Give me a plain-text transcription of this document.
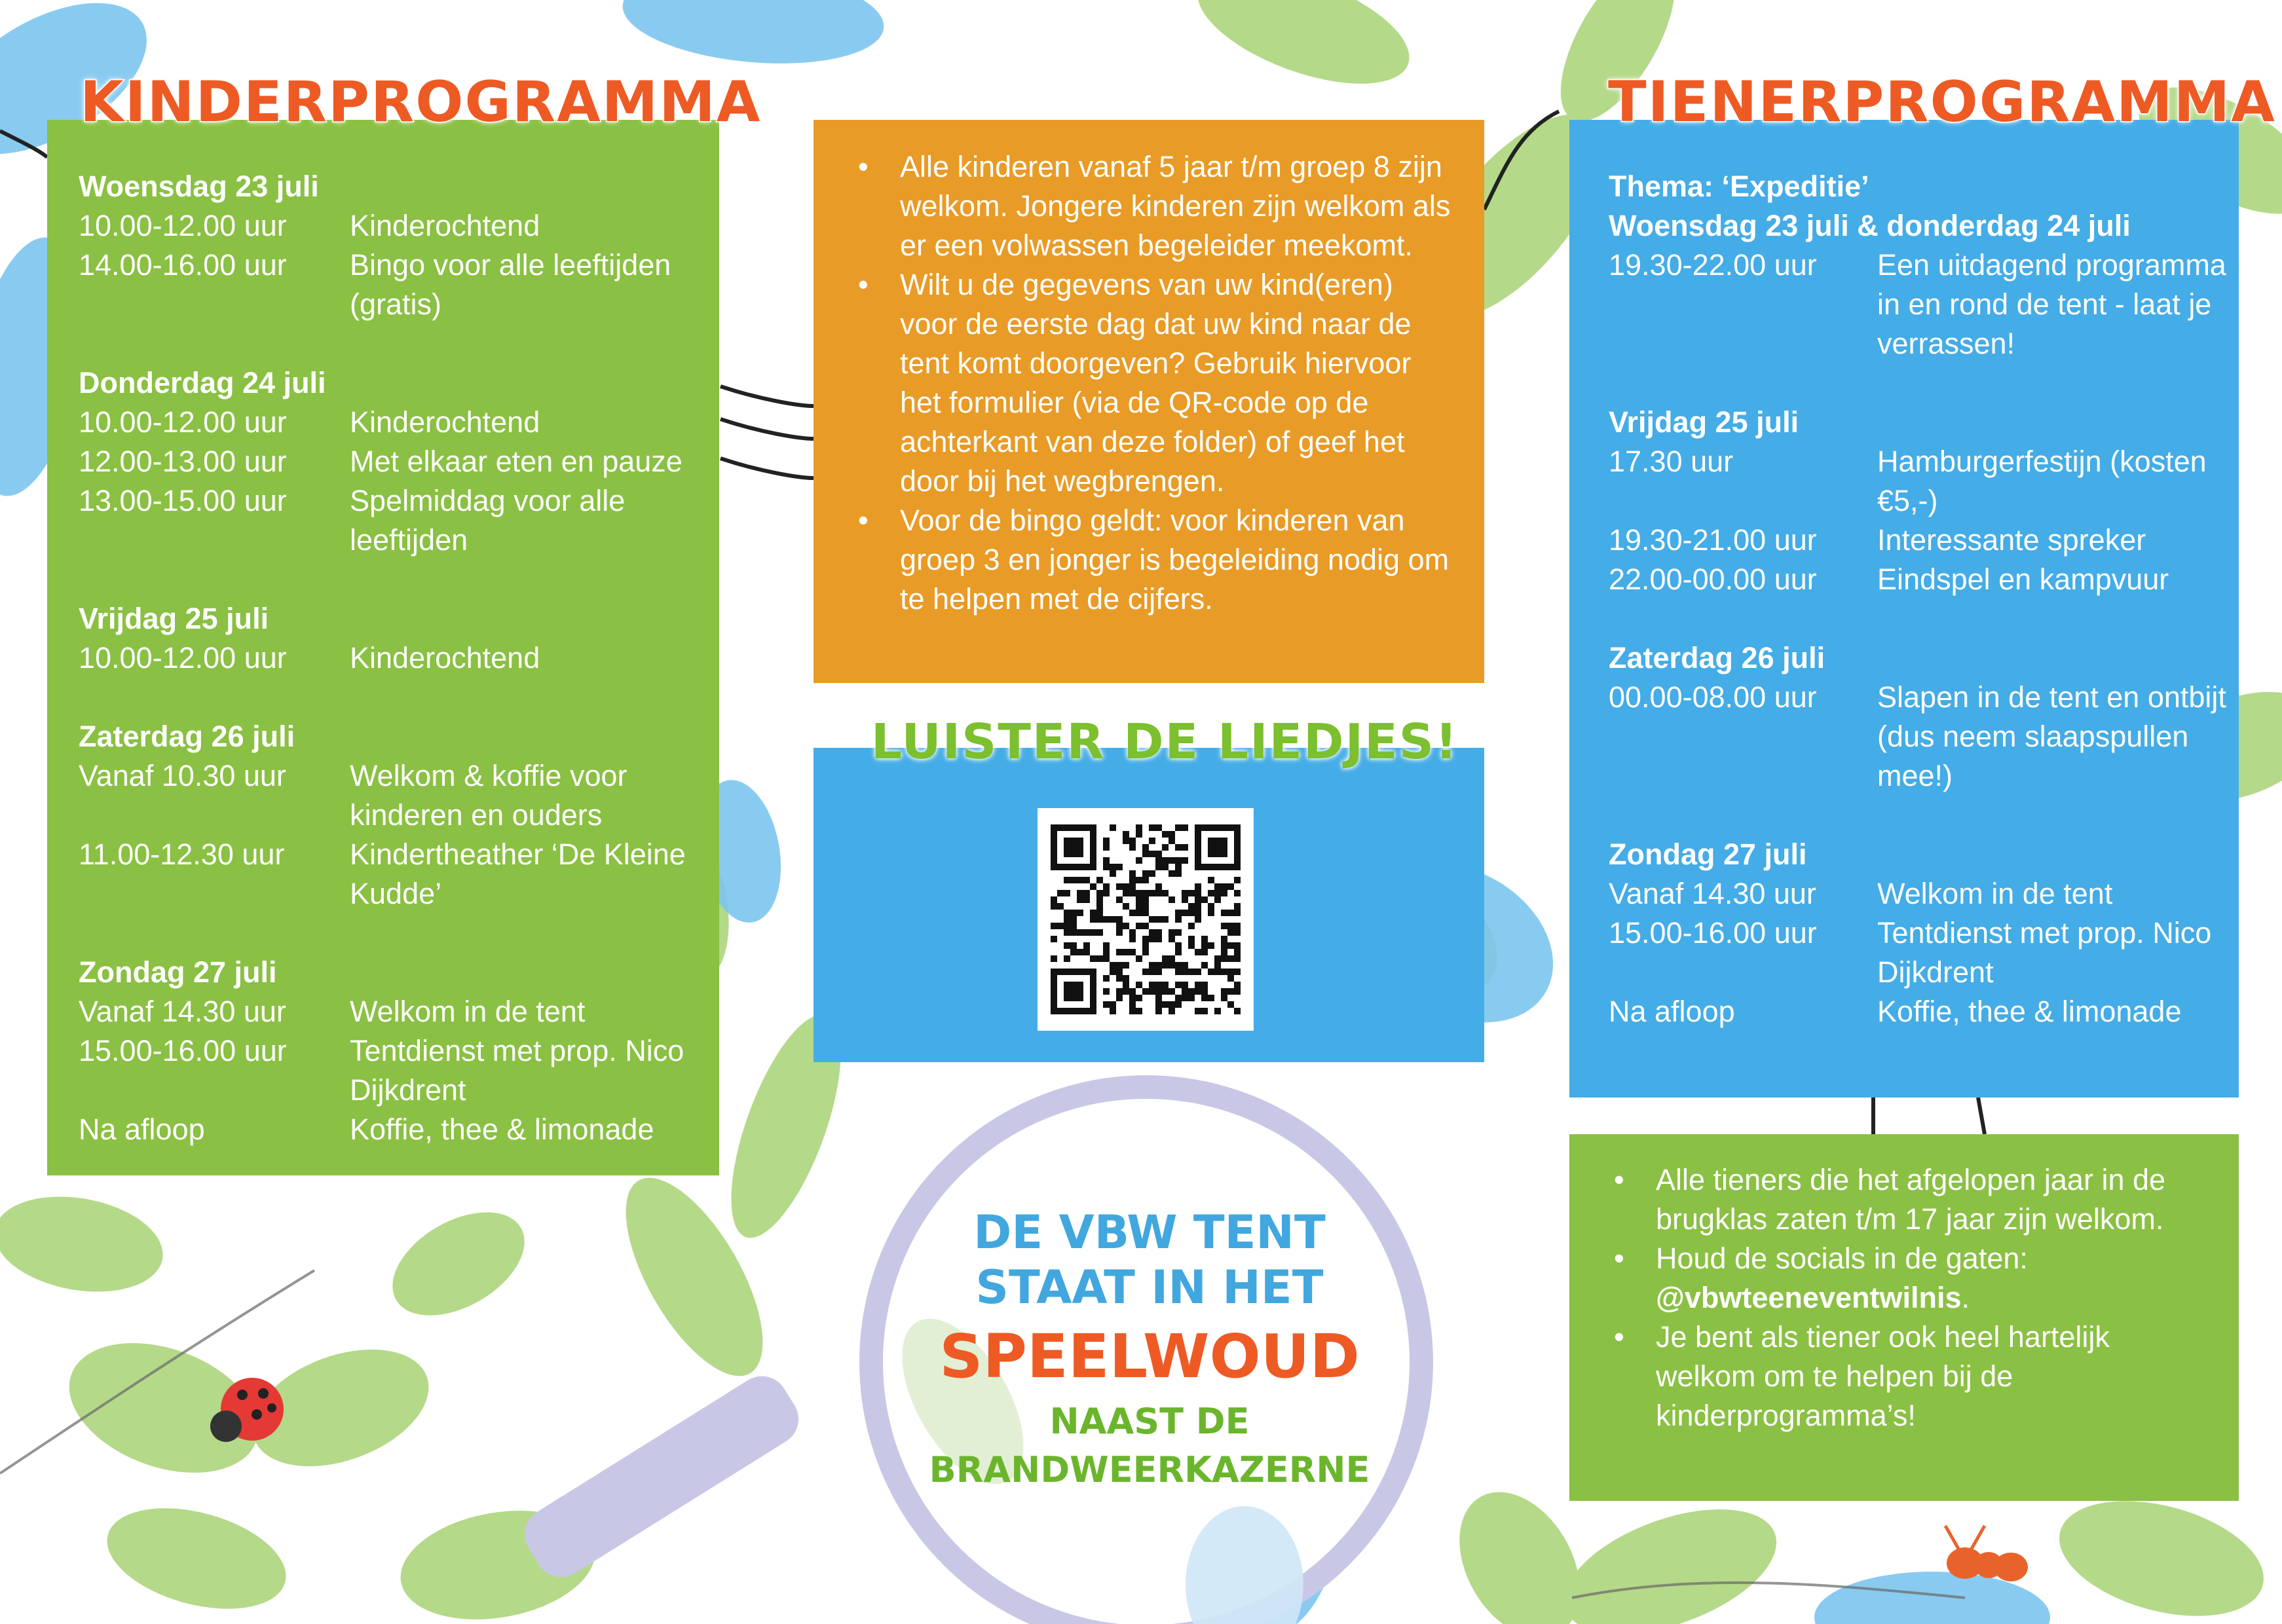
KINDERPROGRAMMA
Woensdag 23 juli
10.00-12.00 uur	Kinderochtend
14.00-16.00 uur	Bingo voor alle leeftijden (gratis)
Donderdag 24 juli
10.00-12.00 uur	Kinderochtend
12.00-13.00 uur	Met elkaar eten en pauze
13.00-15.00 uur	Spelmiddag voor alle leeftijden
Vrijdag 25 juli
10.00-12.00 uur	Kinderochtend
Zaterdag 26 juli
Vanaf 10.30 uur	Welkom & koffie voor kinderen en ouders
11.00-12.30 uur	Kindertheather ‘De Kleine Kudde’
Zondag 27 juli
Vanaf 14.30 uur	Welkom in de tent
15.00-16.00 uur	Tentdienst met prop. Nico Dijkdrent
Na afloop	Koffie, thee & limonade
• Alle kinderen vanaf 5 jaar t/m groep 8 zijn welkom. Jongere kinderen zijn welkom als er een volwassen begeleider meekomt.
• Wilt u de gegevens van uw kind(eren) voor de eerste dag dat uw kind naar de tent komt doorgeven? Gebruik hiervoor het formulier (via de QR-code op de achterkant van deze folder) of geef het door bij het wegbrengen.
• Voor de bingo geldt: voor kinderen van groep 3 en jonger is begeleiding nodig om te helpen met de cijfers.
LUISTER DE LIEDJES!
DE VBW TENT
STAAT IN HET
SPEELWOUD
NAAST DE
BRANDWEERKAZERNE
TIENERPROGRAMMA
Thema: ‘Expeditie’
Woensdag 23 juli & donderdag 24 juli
19.30-22.00 uur	Een uitdagend programma in en rond de tent - laat je verrassen!
Vrijdag 25 juli
17.30 uur	Hamburgerfestijn (kosten €5,-)
19.30-21.00 uur	Interessante spreker
22.00-00.00 uur	Eindspel en kampvuur
Zaterdag 26 juli
00.00-08.00 uur	Slapen in de tent en ontbijt (dus neem slaapspullen mee!)
Zondag 27 juli
Vanaf 14.30 uur	Welkom in de tent
15.00-16.00 uur	Tentdienst met prop. Nico Dijkdrent
Na afloop	Koffie, thee & limonade
• Alle tieners die het afgelopen jaar in de brugklas zaten t/m 17 jaar zijn welkom.
• Houd de socials in de gaten: @vbwteeneventwilnis.
• Je bent als tiener ook heel hartelijk welkom om te helpen bij de kinderprogramma’s!
